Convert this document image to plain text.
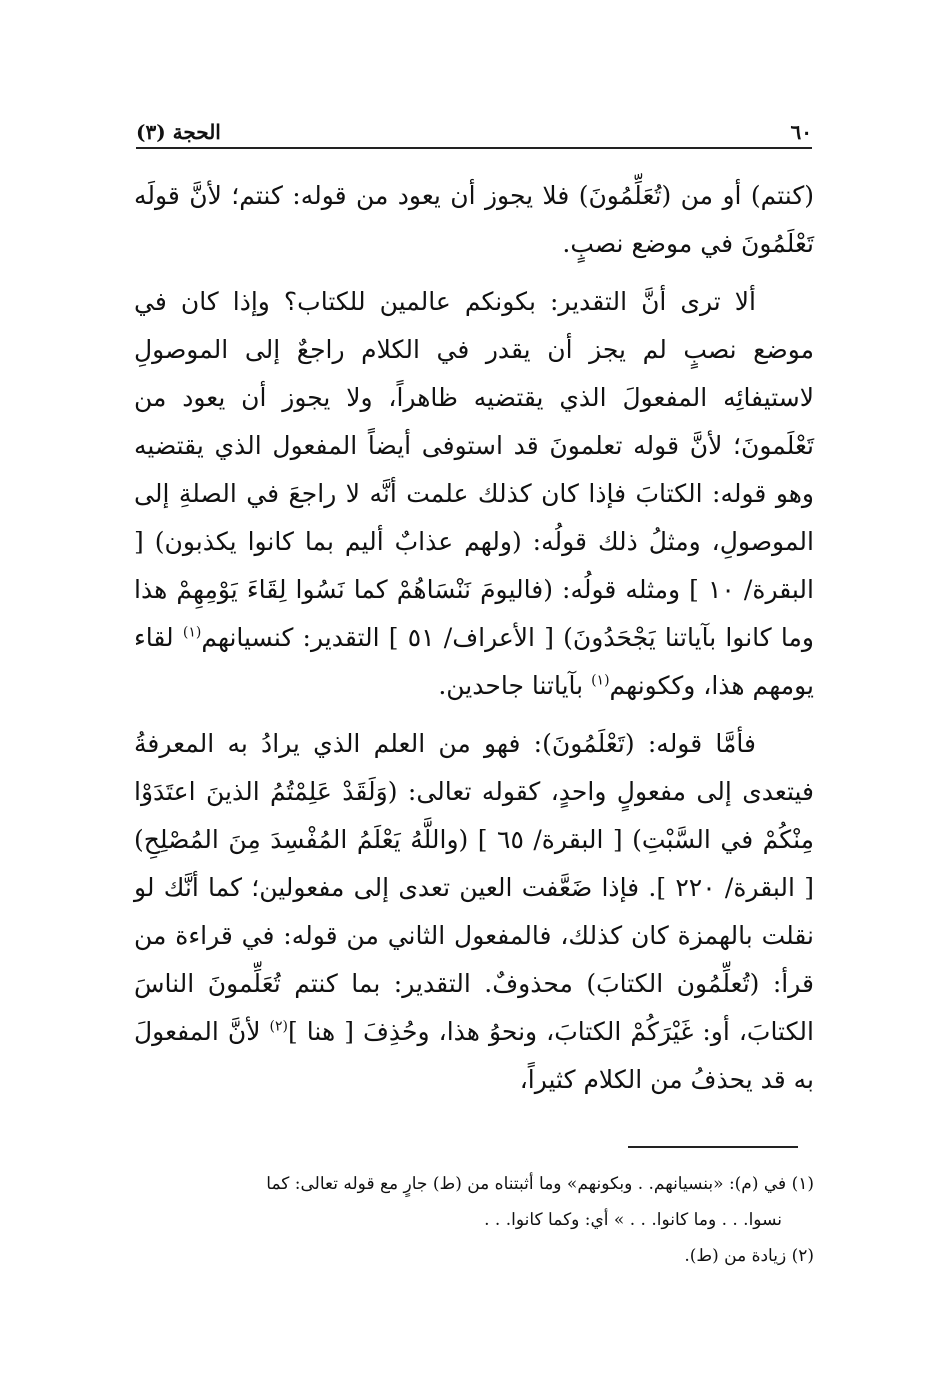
٦٠
الحجة (٣)

(كنتم) أو من (تُعَلِّمُونَ) فلا يجوز أن يعود من قوله: كنتم؛ لأنَّ قولَه تَعْلَمُونَ في موضع نصبٍ.

ألا ترى أنَّ التقدير: بكونكم عالمين للكتاب؟ وإذا كان في موضع نصبٍ لم يجز أن يقدر في الكلام راجعٌ إلى الموصولِ لاستيفائِه المفعولَ الذي يقتضيه ظاهراً، ولا يجوز أن يعود من تَعْلَمونَ؛ لأنَّ قوله تعلمونَ قد استوفى أيضاً المفعول الذي يقتضيه وهو قوله: الكتابَ فإذا كان كذلك علمت أنَّه لا راجعَ في الصلةِ إلى الموصولِ، ومثلُ ذلك قولُه: (ولهم عذابٌ أليم بما كانوا يكذبون) [ البقرة/ ١٠ ] ومثله قولُه: (فاليومَ نَنْسَاهُمْ كما نَسُوا لِقَاءَ يَوْمِهِمْ هذا وما كانوا بآياتنا يَجْحَدُونَ) [ الأعراف/ ٥١ ] التقدير: كنسيانهم$^{(١)}$ لقاء يومهم هذا، وككونهم$^{(١)}$ بآياتنا جاحدين.

فأمَّا قوله: (تَعْلَمُونَ): فهو من العلم الذي يرادُ به المعرفةُ فيتعدى إلى مفعولٍ واحدٍ، كقوله تعالى: (وَلَقَدْ عَلِمْتُمُ الذينَ اعتَدَوْا مِنْكُمْ في السَّبْتِ) [ البقرة/ ٦٥ ] (واللَّهُ يَعْلَمُ المُفْسِدَ مِنَ المُصْلِحِ) [ البقرة/ ٢٢٠ ]. فإذا ضَعَّفت العين تعدى إلى مفعولين؛ كما أنَّك لو نقلت بالهمزة كان كذلك، فالمفعول الثاني من قوله: في قراءة من قرأ: (تُعلِّمُون الكتابَ) محذوفٌ. التقدير: بما كنتم تُعَلِّمونَ الناسَ الكتابَ، أو: غَيْرَكُمْ الكتابَ، ونحوُ هذا، وحُذِفَ [ هنا ]$^{(٢)}$ لأنَّ المفعولَ به قد يحذفُ من الكلام كثيراً،

(١) في (م): «بنسيانهم. . وبكونهم» وما أثبتناه من (ط) جارٍ مع قوله تعالى: كما
نسوا. . . وما كانوا. . . » أي: وكما كانوا. . .

(٢) زيادة من (ط).
